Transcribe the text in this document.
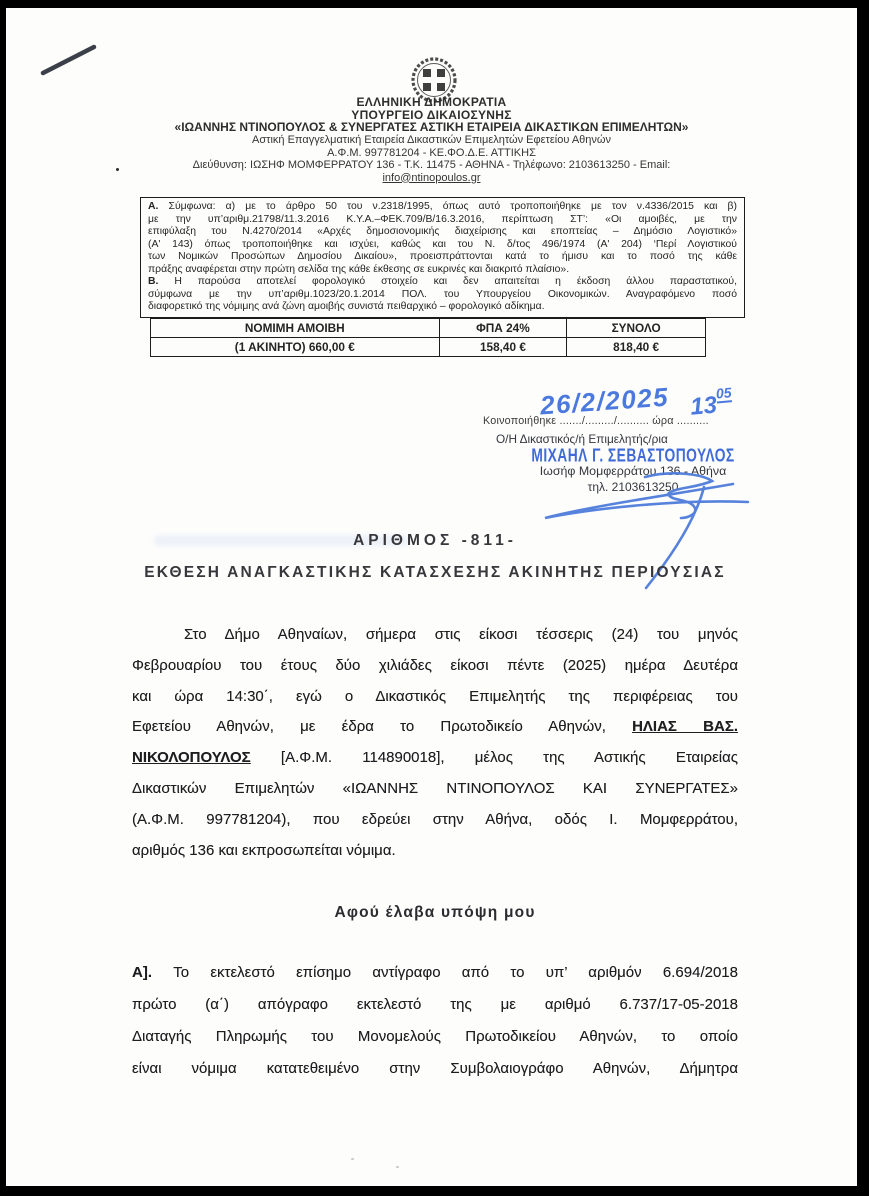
ΕΛΛΗΝΙΚΗ ΔΗΜΟΚΡΑΤΙΑ
ΥΠΟΥΡΓΕΙΟ ΔΙΚΑΙΟΣΥΝΗΣ
«ΙΩΑΝΝΗΣ ΝΤΙΝΟΠΟΥΛΟΣ & ΣΥΝΕΡΓΑΤΕΣ ΑΣΤΙΚΗ ΕΤΑΙΡΕΙΑ ΔΙΚΑΣΤΙΚΩΝ ΕΠΙΜΕΛΗΤΩΝ»
Αστική Επαγγελματική Εταιρεία Δικαστικών Επιμελητών Εφετείου Αθηνών
Α.Φ.Μ. 997781204 - ΚΕ.ΦΟ.Δ.Ε. ΑΤΤΙΚΗΣ
Διεύθυνση: ΙΩΣΗΦ ΜΟΜΦΕΡΡΑΤΟΥ 136 - Τ.Κ. 11475 - ΑΘΗΝΑ - Τηλέφωνο: 2103613250 - Email:
info@ntinopoulos.gr
Α. Σύμφωνα: α) με το άρθρο 50 του ν.2318/1995, όπως αυτό τροποποιήθηκε με τον ν.4336/2015 και β)
με την υπ’αριθμ.21798/11.3.2016 Κ.Υ.Α.–ΦΕΚ.709/Β/16.3.2016, περίπτωση ΣΤ’: «Οι αμοιβές, με την
επιφύλαξη του Ν.4270/2014 «Αρχές δημοσιονομικής διαχείρισης και εποπτείας – Δημόσιο Λογιστικό»
(Α' 143) όπως τροποποιήθηκε και ισχύει, καθώς και του Ν. δ/τος 496/1974 (Α' 204) ‘Περί Λογιστικού
των Νομικών Προσώπων Δημοσίου Δικαίου», προεισπράττονται κατά το ήμισυ και το ποσό της κάθε
πράξης αναφέρεται στην πρώτη σελίδα της κάθε έκθεσης σε ευκρινές και διακριτό πλαίσιο».
Β. Η παρούσα αποτελεί φορολογικό στοιχείο και δεν απαιτείται η έκδοση άλλου παραστατικού,
σύμφωνα με την υπ’αριθμ.1023/20.1.2014 ΠΟΛ. του Υπουργείου Οικονομικών. Αναγραφόμενο ποσό
διαφορετικό της νόμιμης ανά ζώνη αμοιβής συνιστά πειθαρχικό – φορολογικό αδίκημα.
ΝΟΜΙΜΗ ΑΜΟΙΒΗ	ΦΠΑ 24%	ΣΥΝΟΛΟ
(1 ΑΚΙΝΗΤΟ) 660,00 €	158,40 €	818,40 €
Κοινοποιήθηκε ......./........./.......... ώρα ..........
26/2/2025 $13^{05}$
Ο/Η Δικαστικός/ή Επιμελητής/ρια
ΜΙΧΑΗΛ Γ. ΣΕΒΑΣΤΟΠΟΥΛΟΣ
Ιωσήφ Μομφερράτου 136 - Αθήνα
τηλ. 2103613250
ΑΡΙΘΜΟΣ -811-
ΕΚΘΕΣΗ ΑΝΑΓΚΑΣΤΙΚΗΣ ΚΑΤΑΣΧΕΣΗΣ ΑΚΙΝΗΤΗΣ ΠΕΡΙΟΥΣΙΑΣ
Στο Δήμο Αθηναίων, σήμερα στις είκοσι τέσσερις (24) του μηνός
Φεβρουαρίου του έτους δύο χιλιάδες είκοσι πέντε (2025) ημέρα Δευτέρα
και ώρα 14:30΄, εγώ ο Δικαστικός Επιμελητής της περιφέρειας του
Εφετείου Αθηνών, με έδρα το Πρωτοδικείο Αθηνών, ΗΛΙΑΣ ΒΑΣ.
ΝΙΚΟΛΟΠΟΥΛΟΣ [Α.Φ.Μ. 114890018], μέλος της Αστικής Εταιρείας
Δικαστικών Επιμελητών «ΙΩΑΝΝΗΣ ΝΤΙΝΟΠΟΥΛΟΣ ΚΑΙ ΣΥΝΕΡΓΑΤΕΣ»
(Α.Φ.Μ. 997781204), που εδρεύει στην Αθήνα, οδός Ι. Μομφερράτου,
αριθμός 136 και εκπροσωπείται νόμιμα.
Αφού έλαβα υπόψη μου
Α]. Το εκτελεστό επίσημο αντίγραφο από το υπ’ αριθμόν 6.694/2018
πρώτο (α΄) απόγραφο εκτελεστό της με αριθμό 6.737/17-05-2018
Διαταγής Πληρωμής του Μονομελούς Πρωτοδικείου Αθηνών, το οποίο
είναι νόμιμα κατατεθειμένο στην Συμβολαιογράφο Αθηνών, Δήμητρα
